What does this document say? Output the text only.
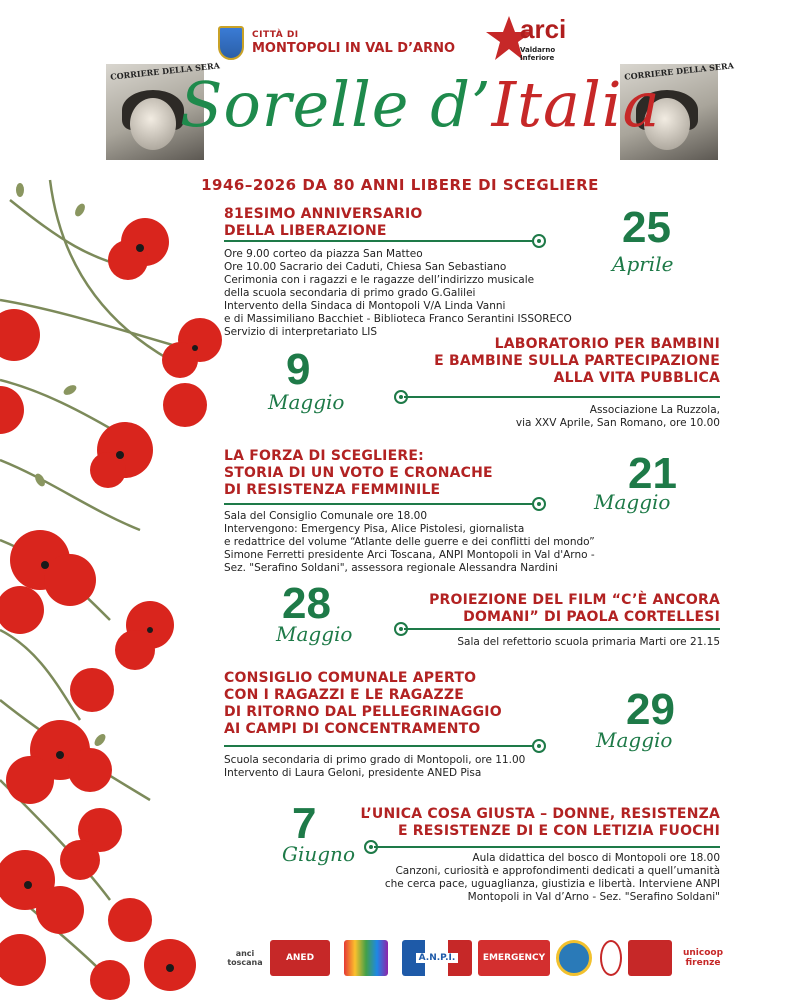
CITTÀ DI
MONTOPOLI IN VAL D’ARNO
arci
Valdarno
Inferiore
CORRIERE DELLA SERA	CORRIERE DELLA SERA
Sorelle d’Italia
1946–2026 DA 80 ANNI LIBERE DI SCEGLIERE
81ESIMO ANNIVERSARIO
DELLA LIBERAZIONE	25
Aprile
Ore 9.00 corteo da piazza San Matteo
Ore 10.00 Sacrario dei Caduti, Chiesa San Sebastiano
Cerimonia con i ragazzi e le ragazze dell’indirizzo musicale
della scuola secondaria di primo grado G.Galilei
Intervento della Sindaca di Montopoli V/A Linda Vanni
e di Massimiliano Bacchiet - Biblioteca Franco Serantini ISSORECO
Servizio di interpretariato LIS
9
Maggio
LABORATORIO PER BAMBINI
E BAMBINE SULLA PARTECIPAZIONE
ALLA VITA PUBBLICA
Associazione La Ruzzola,
via XXV Aprile, San Romano, ore 10.00
LA FORZA DI SCEGLIERE:
STORIA DI UN VOTO E CRONACHE
DI RESISTENZA FEMMINILE	21
Maggio
Sala del Consiglio Comunale ore 18.00
Intervengono: Emergency Pisa, Alice Pistolesi, giornalista
e redattrice del volume “Atlante delle guerre e dei conflitti del mondo”
Simone Ferretti presidente Arci Toscana, ANPI Montopoli in Val d'Arno -
Sez. "Serafino Soldani", assessora regionale Alessandra Nardini
28
Maggio
PROIEZIONE DEL FILM “C’È ANCORA
DOMANI” DI PAOLA CORTELLESI
Sala del refettorio scuola primaria Marti ore 21.15
CONSIGLIO COMUNALE APERTO
CON I RAGAZZI E LE RAGAZZE
DI RITORNO DAL PELLEGRINAGGIO
AI CAMPI DI CONCENTRAMENTO	29
Maggio
Scuola secondaria di primo grado di Montopoli, ore 11.00
Intervento di Laura Geloni, presidente ANED Pisa
7
Giugno
L’UNICA COSA GIUSTA – DONNE, RESISTENZA
E RESISTENZE DI E CON LETIZIA FUOCHI
Aula didattica del bosco di Montopoli ore 18.00
Canzoni, curiosità e approfondimenti dedicati a quell’umanità
che cerca pace, uguaglianza, giustizia e libertà. Interviene ANPI
Montopoli in Val d’Arno - Sez. "Serafino Soldani"
anci toscana	ANED	A.N.P.I.	EMERGENCY	unicoop firenze
